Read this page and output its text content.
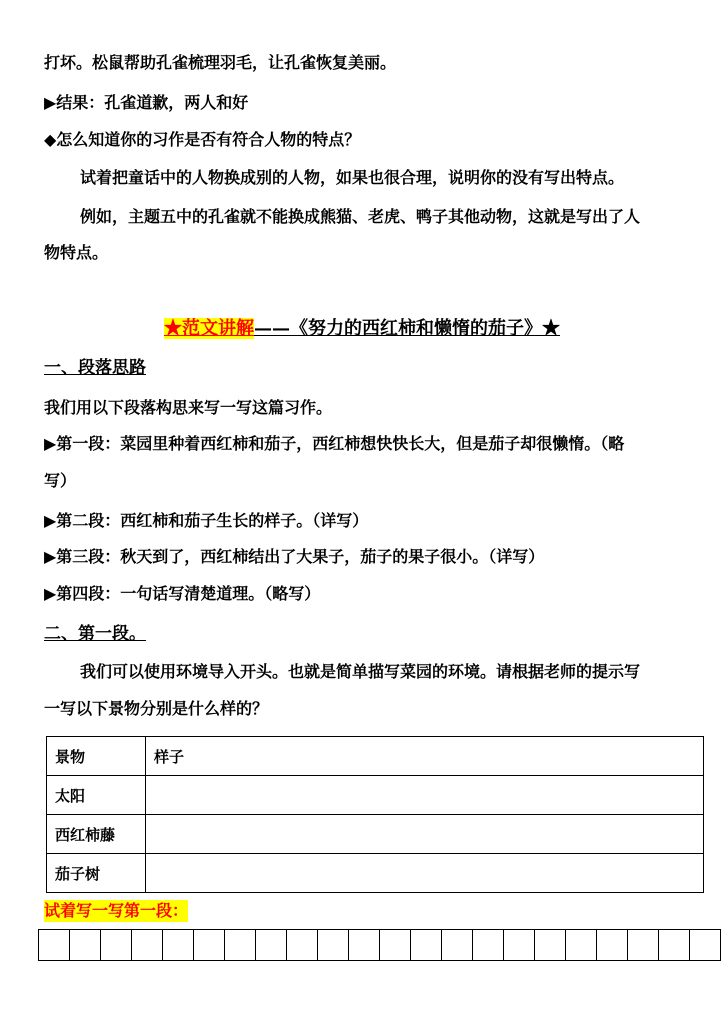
打坏。松鼠帮助孔雀梳理羽毛，让孔雀恢复美丽。
▶结果：孔雀道歉，两人和好
◆怎么知道你的习作是否有符合人物的特点？
试着把童话中的人物换成别的人物，如果也很合理，说明你的没有写出特点。
例如，主题五中的孔雀就不能换成熊猫、老虎、鸭子其他动物，这就是写出了人
物特点。
★范文讲解——《努力的西红柿和懒惰的茄子》★
一、段落思路
我们用以下段落构思来写一写这篇习作。
▶第一段：菜园里种着西红柿和茄子，西红柿想快快长大，但是茄子却很懒惰。（略
写）
▶第二段：西红柿和茄子生长的样子。（详写）
▶第三段：秋天到了，西红柿结出了大果子，茄子的果子很小。（详写）
▶第四段：一句话写清楚道理。（略写）
二、第一段。
我们可以使用环境导入开头。也就是简单描写菜园的环境。请根据老师的提示写
一写以下景物分别是什么样的？
景物	样子
太阳	
西红柿藤	
茄子树	
试着写一写第一段：
